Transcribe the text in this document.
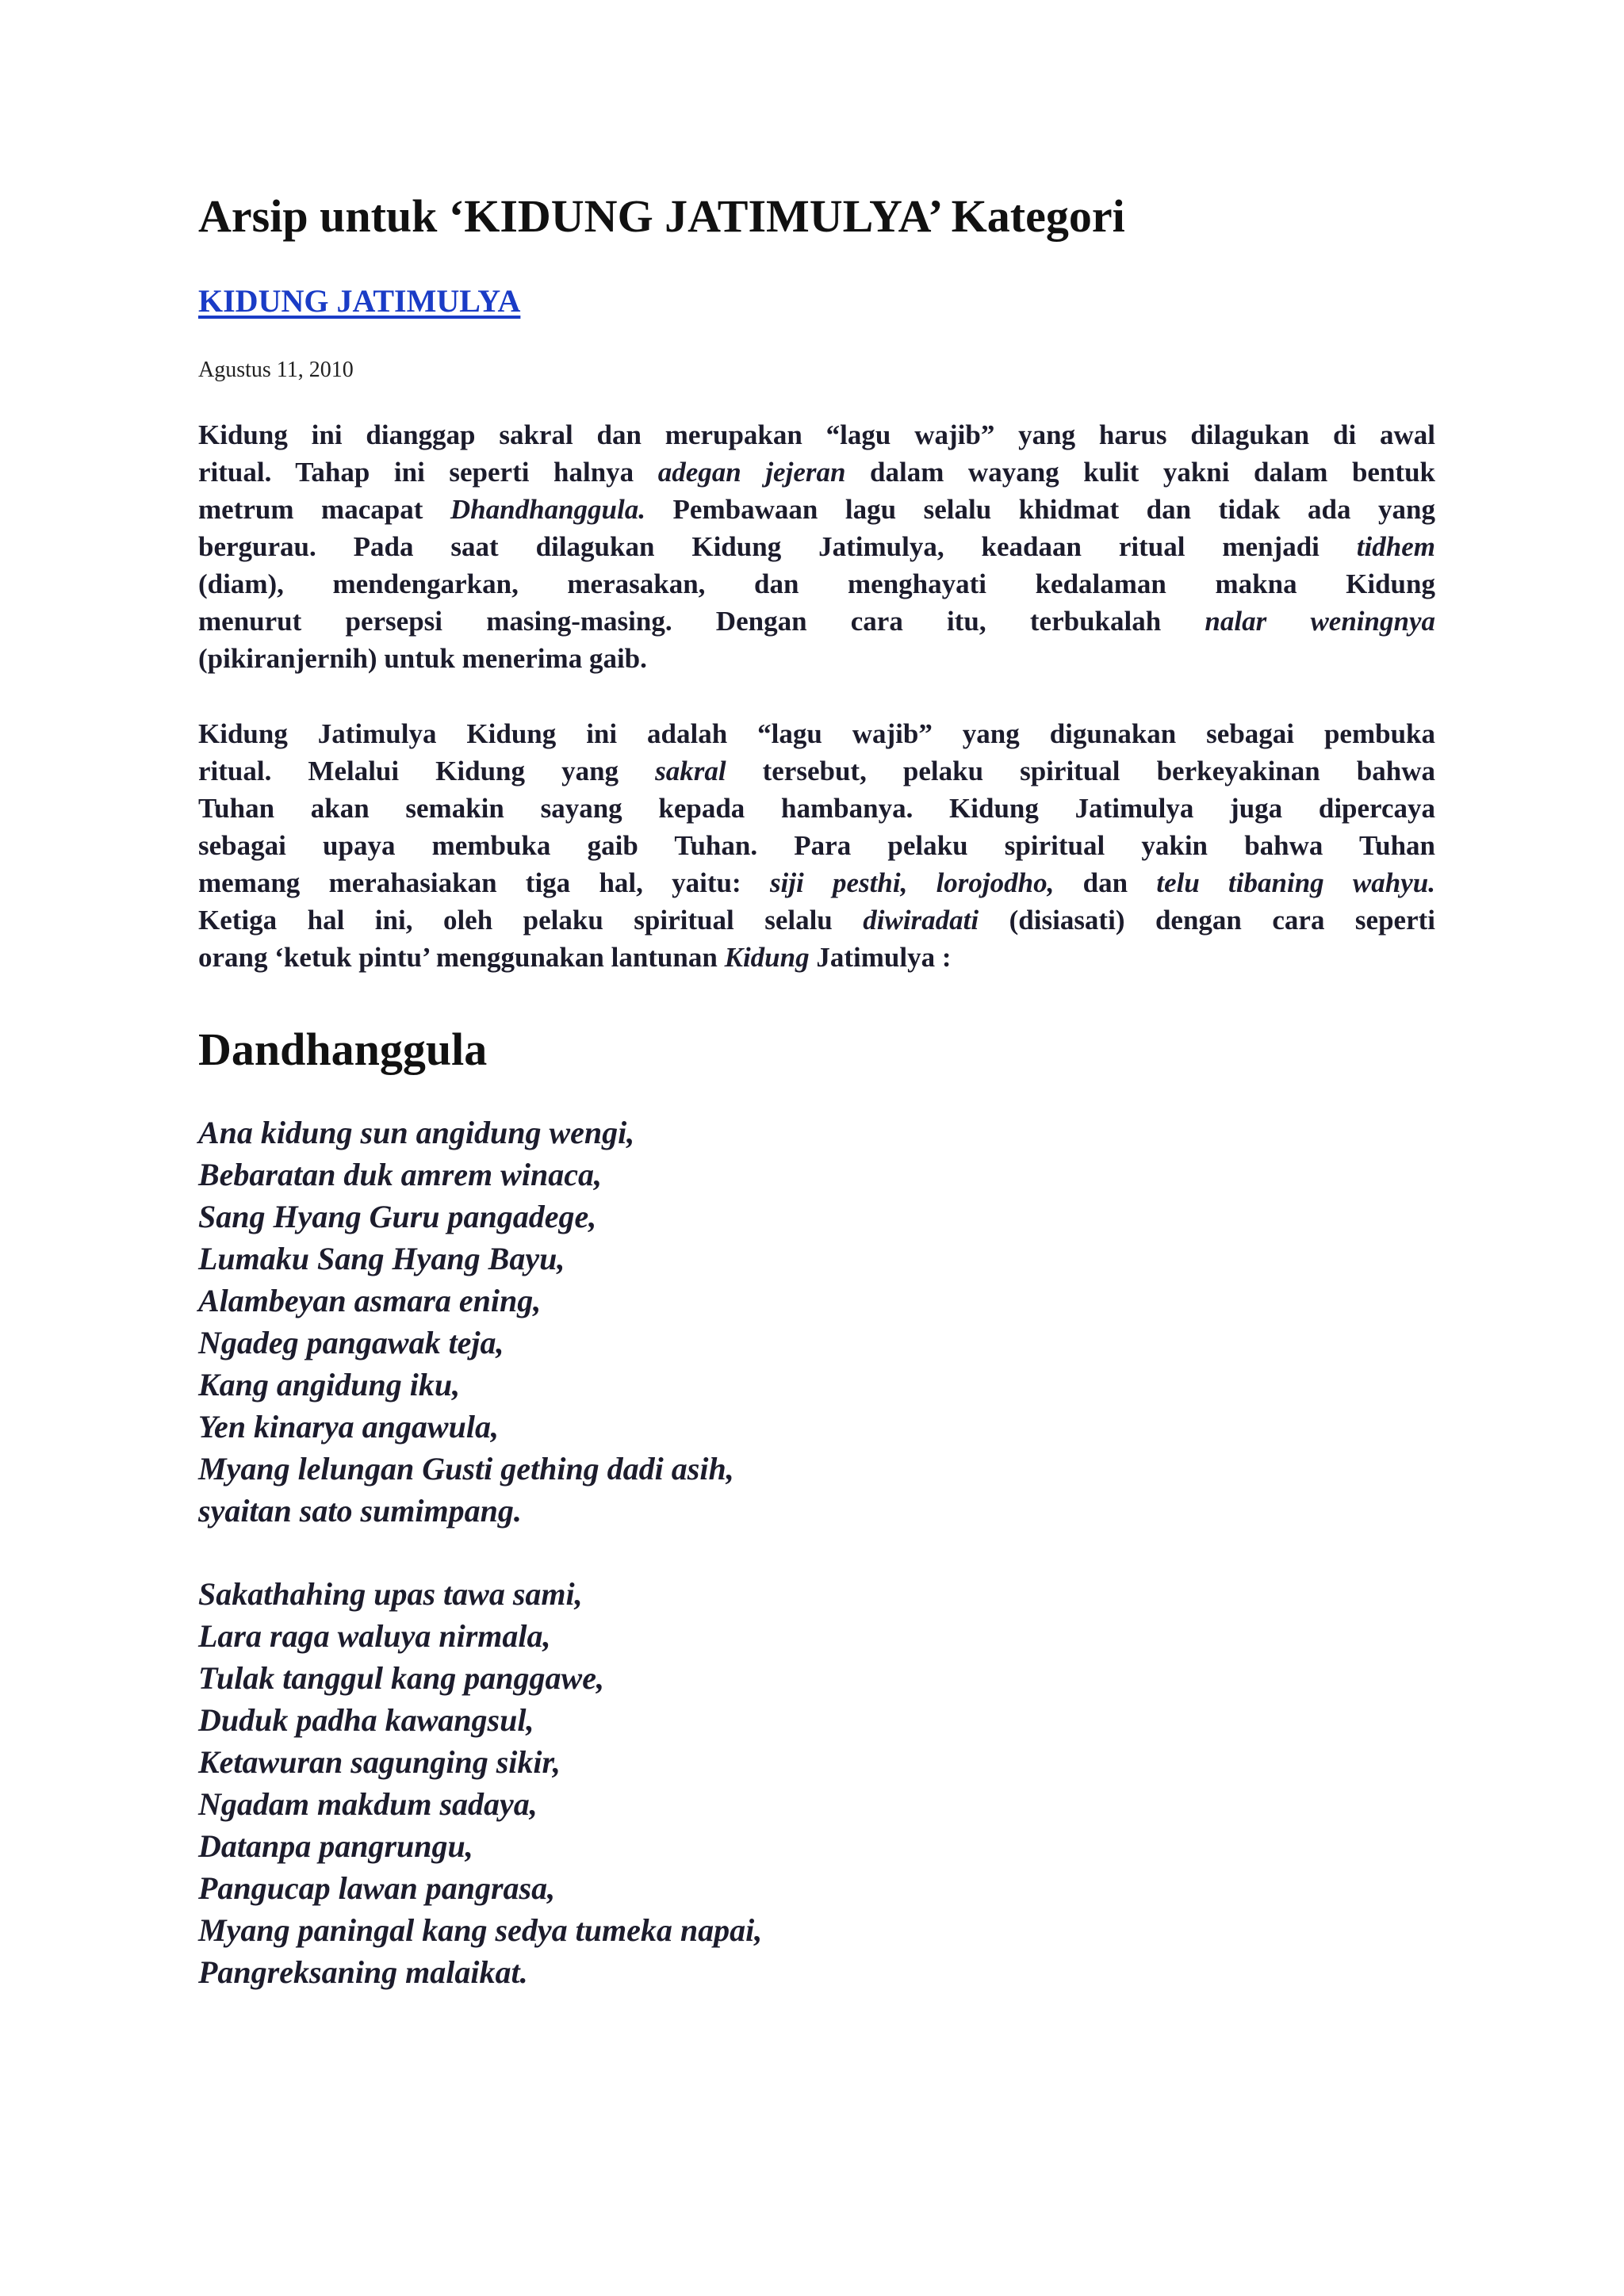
Arsip untuk ‘KIDUNG JATIMULYA’ Kategori
KIDUNG JATIMULYA
Agustus 11, 2010

Kidung ini dianggap sakral dan merupakan “lagu wajib” yang harus dilagukan di awal
ritual. Tahap ini seperti halnya adegan jejeran dalam wayang kulit yakni dalam bentuk
metrum macapat Dhandhanggula. Pembawaan lagu selalu khidmat dan tidak ada yang
bergurau. Pada saat dilagukan Kidung Jatimulya, keadaan ritual menjadi tidhem
(diam), mendengarkan, merasakan, dan menghayati kedalaman makna Kidung
menurut persepsi masing-masing. Dengan cara itu, terbukalah nalar weningnya
(pikiranjernih) untuk menerima gaib.

Kidung Jatimulya Kidung ini adalah “lagu wajib” yang digunakan sebagai pembuka
ritual. Melalui Kidung yang sakral tersebut, pelaku spiritual berkeyakinan bahwa
Tuhan akan semakin sayang kepada hambanya. Kidung Jatimulya juga dipercaya
sebagai upaya membuka gaib Tuhan. Para pelaku spiritual yakin bahwa Tuhan
memang merahasiakan tiga hal, yaitu: siji pesthi, lorojodho, dan telu tibaning wahyu.
Ketiga hal ini, oleh pelaku spiritual selalu diwiradati (disiasati) dengan cara seperti
orang ‘ketuk pintu’ menggunakan lantunan Kidung Jatimulya :

Dandhanggula
Ana kidung sun angidung wengi,
Bebaratan duk amrem winaca,
Sang Hyang Guru pangadege,
Lumaku Sang Hyang Bayu,
Alambeyan asmara ening,
Ngadeg pangawak teja,
Kang angidung iku,
Yen kinarya angawula,
Myang lelungan Gusti gething dadi asih,
syaitan sato sumimpang.
Sakathahing upas tawa sami,
Lara raga waluya nirmala,
Tulak tanggul kang panggawe,
Duduk padha kawangsul,
Ketawuran sagunging sikir,
Ngadam makdum sadaya,
Datanpa pangrungu,
Pangucap lawan pangrasa,
Myang paningal kang sedya tumeka napai,
Pangreksaning malaikat.
